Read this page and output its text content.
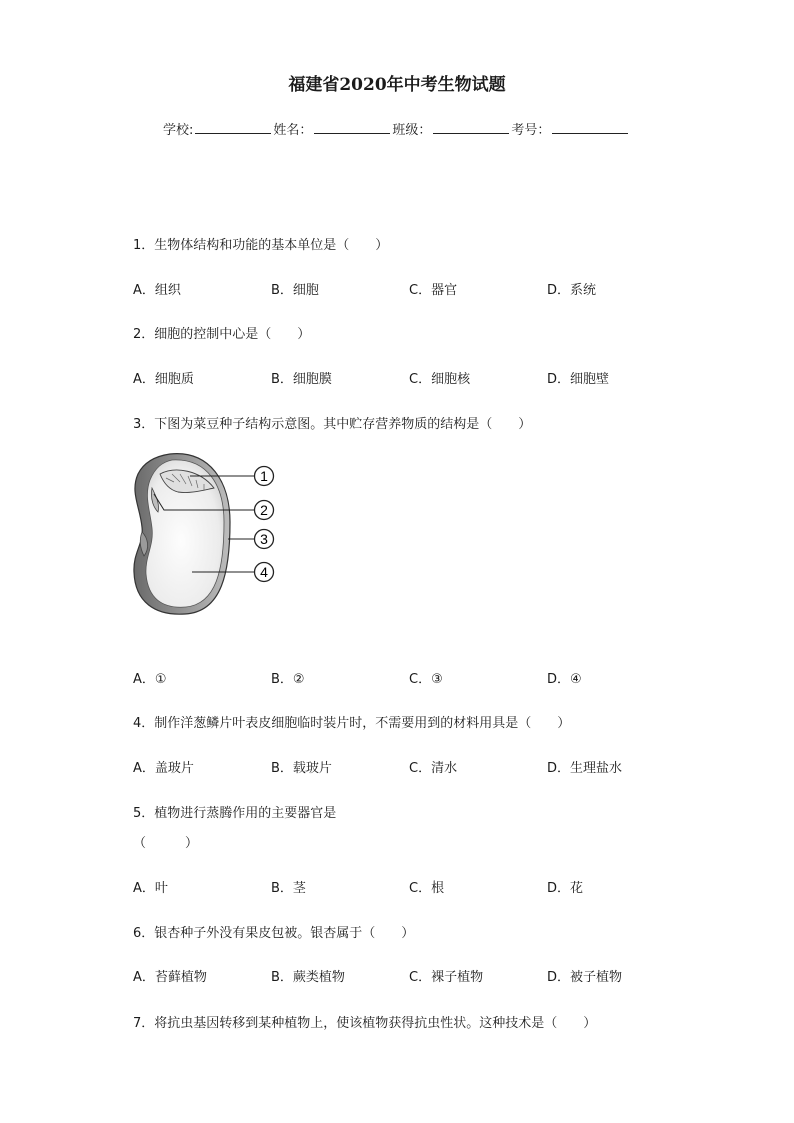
福建省2020年中考生物试题
学校:	姓名：	班级：	考号：
1．生物体结构和功能的基本单位是（　　）
A．组织	B．细胞	C．器官	D．系统
2．细胞的控制中心是（　　）
A．细胞质	B．细胞膜	C．细胞核	D．细胞壁
3．下图为菜豆种子结构示意图。其中贮存营养物质的结构是（　　）
1
2
3
4
A．①	B．②	C．③	D．④
4．制作洋葱鳞片叶表皮细胞临时装片时，不需要用到的材料用具是（　　）
A．盖玻片	B．载玻片	C．清水	D．生理盐水
5．植物进行蒸腾作用的主要器官是
（　　　）
A．叶	B．茎	C．根	D．花
6．银杏种子外没有果皮包被。银杏属于（　　）
A．苔藓植物	B．蕨类植物	C．裸子植物	D．被子植物
7．将抗虫基因转移到某种植物上，使该植物获得抗虫性状。这种技术是（　　）
